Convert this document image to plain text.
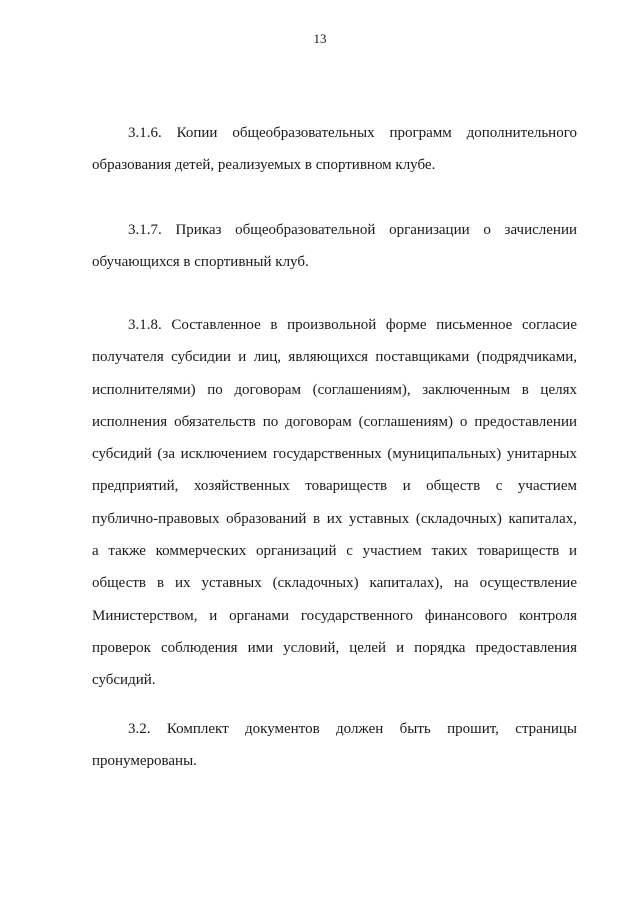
13
3.1.6. Копии общеобразовательных программ дополнительного
образования детей, реализуемых в спортивном клубе.
3.1.7. Приказ общеобразовательной организации о зачислении
обучающихся в спортивный клуб.
3.1.8. Составленное в произвольной форме письменное согласие
получателя субсидии и лиц, являющихся поставщиками (подрядчиками,
исполнителями) по договорам (соглашениям), заключенным в целях
исполнения обязательств по договорам (соглашениям) о предоставлении
субсидий (за исключением государственных (муниципальных) унитарных
предприятий, хозяйственных товариществ и обществ с участием
публично-правовых образований в их уставных (складочных) капиталах,
а также коммерческих организаций с участием таких товариществ и
обществ в их уставных (складочных) капиталах), на осуществление
Министерством, и органами государственного финансового контроля
проверок соблюдения ими условий, целей и порядка предоставления
субсидий.
3.2. Комплект документов должен быть прошит, страницы
пронумерованы.
